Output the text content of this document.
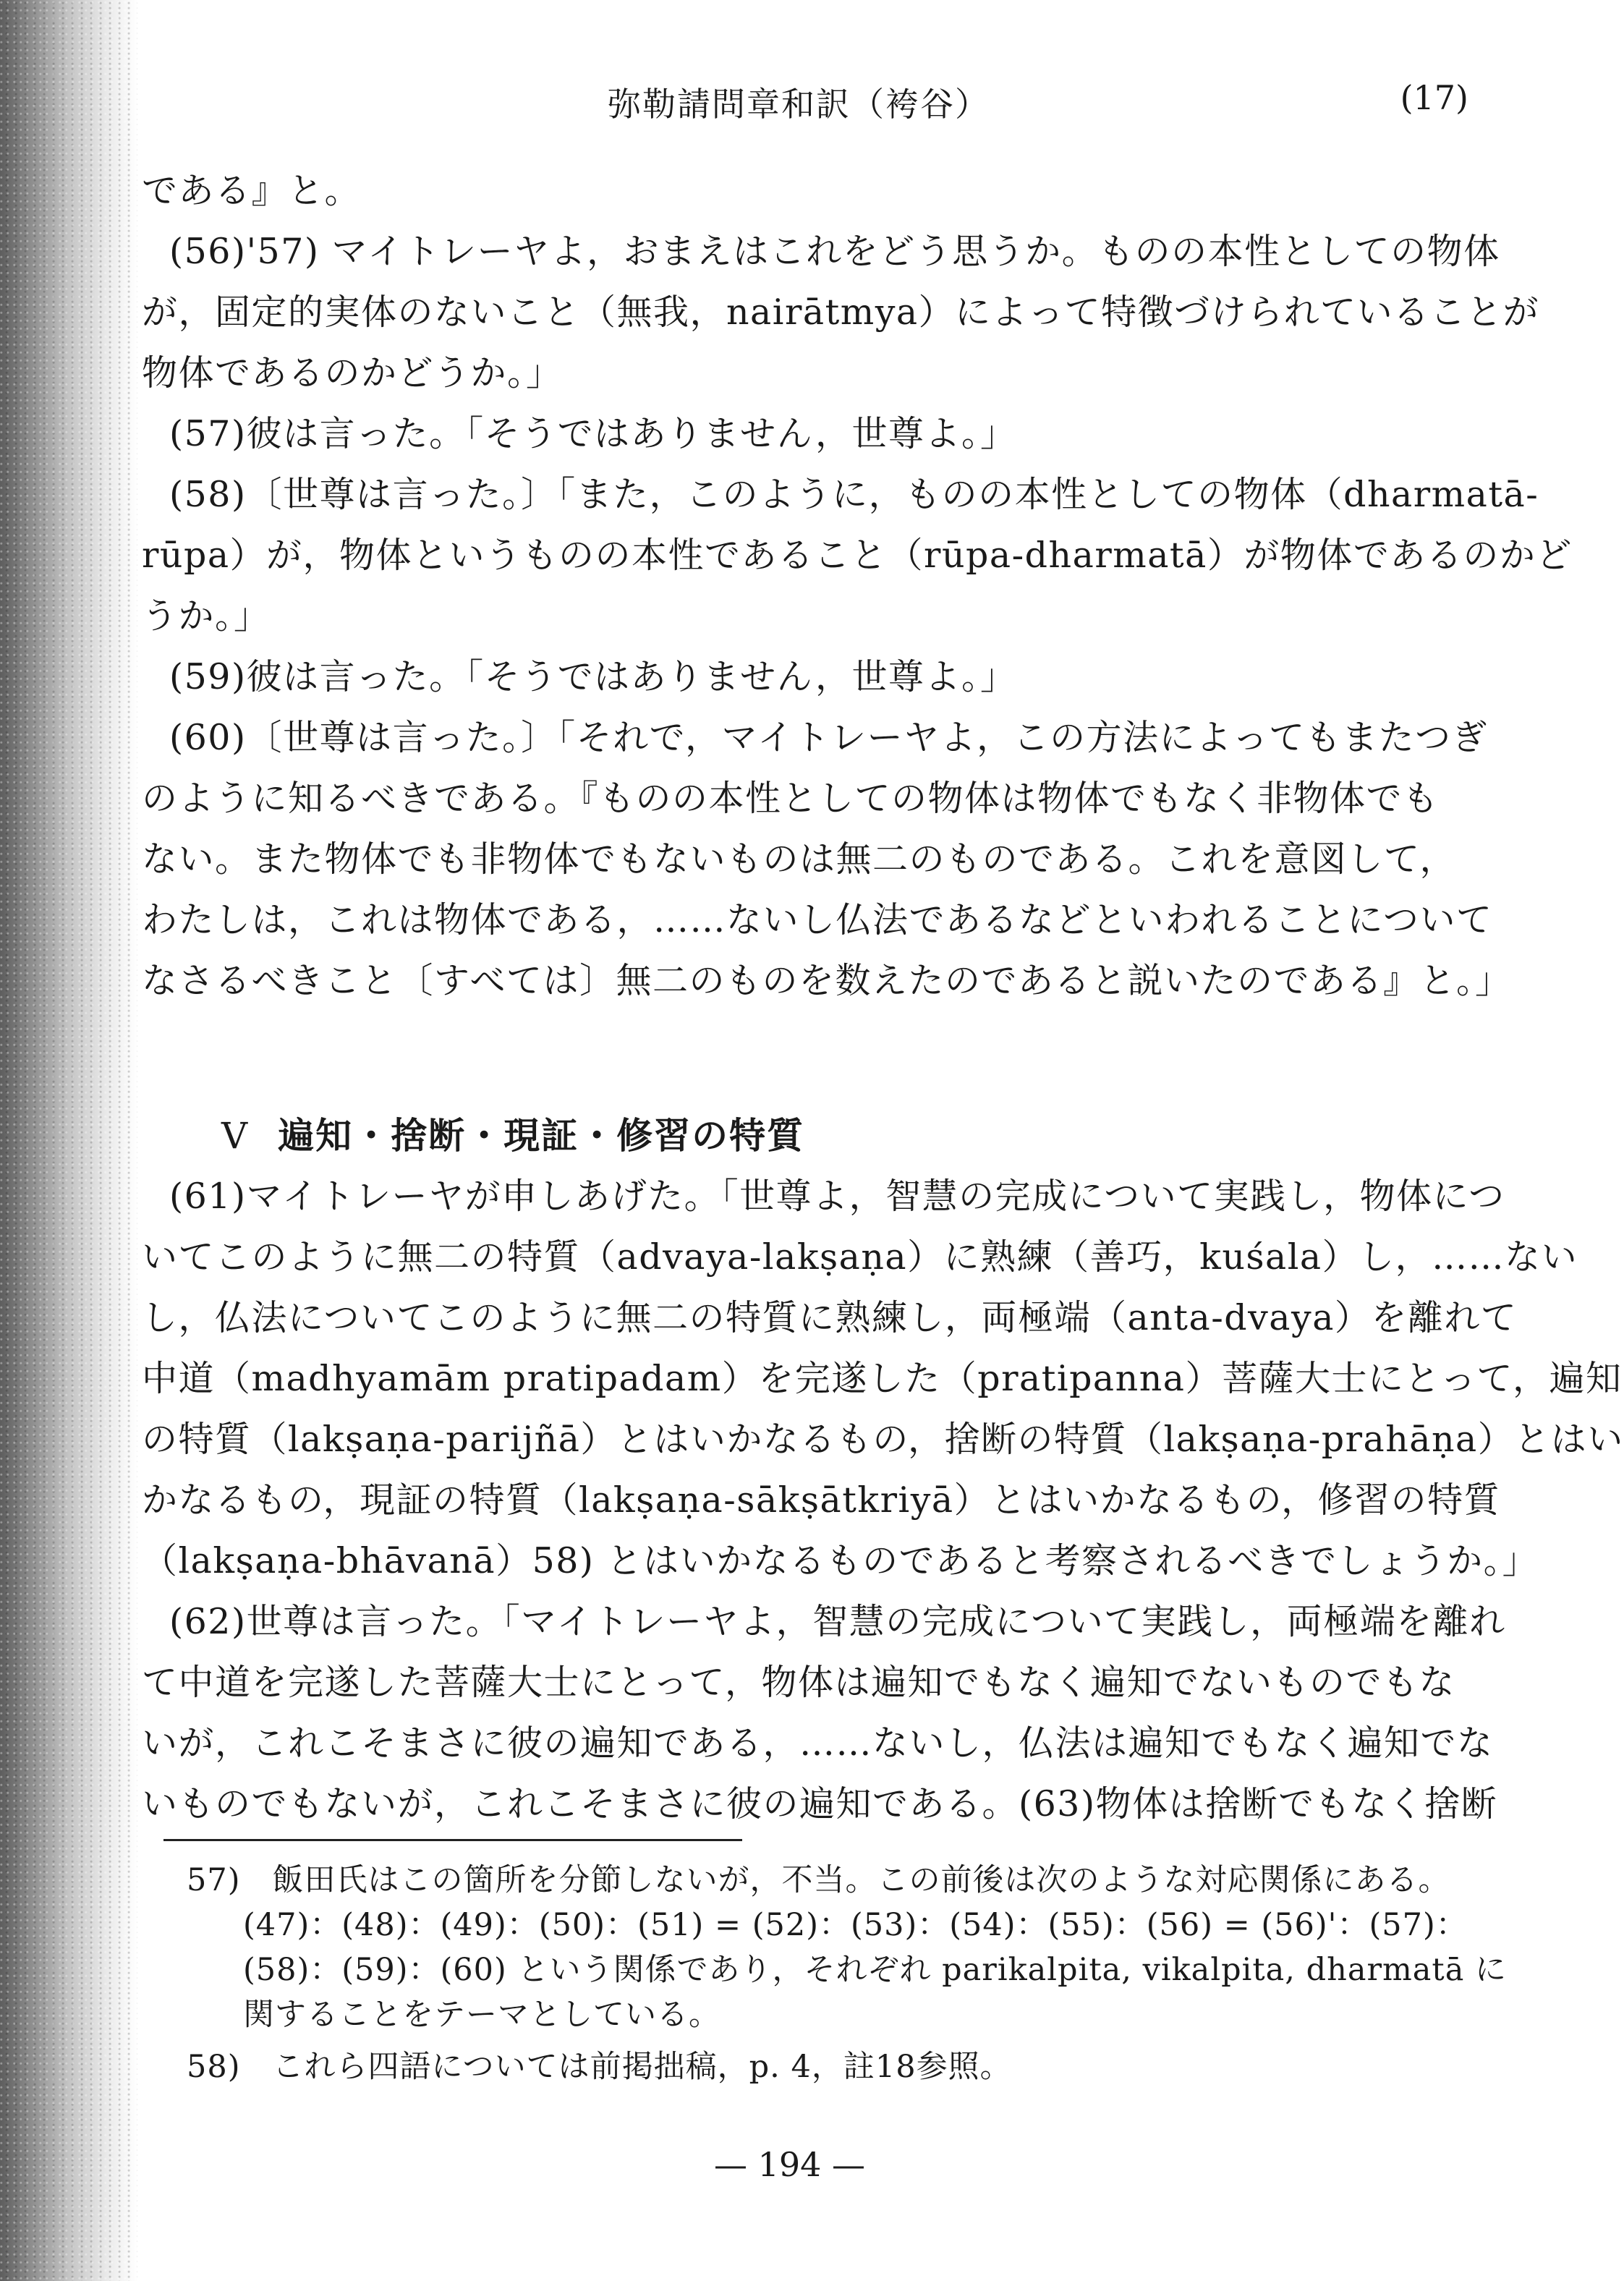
弥勒請問章和訳（袴谷）	(17)
である』と。
(56)'57) マイトレーヤよ，おまえはこれをどう思うか。ものの本性としての物体
が，固定的実体のないこと（無我，nairātmya）によって特徴づけられていることが
物体であるのかどうか。」
(57)彼は言った。「そうではありません，世尊よ。」
(58)〔世尊は言った。〕「また，このように，ものの本性としての物体（dharmatā-
rūpa）が，物体というものの本性であること（rūpa-dharmatā）が物体であるのかど
うか。」
(59)彼は言った。「そうではありません，世尊よ。」
(60)〔世尊は言った。〕「それで，マイトレーヤよ，この方法によってもまたつぎ
のように知るべきである。『ものの本性としての物体は物体でもなく非物体でも
ない。また物体でも非物体でもないものは無二のものである。これを意図して，
わたしは，これは物体である，……ないし仏法であるなどといわれることについて
なさるべきこと〔すべては〕無二のものを数えたのであると説いたのである』と。」
V 遍知・捨断・現証・修習の特質
(61)マイトレーヤが申しあげた。「世尊よ，智慧の完成について実践し，物体につ
いてこのように無二の特質（advaya-lakṣaṇa）に熟練（善巧，kuśala）し，……ない
し，仏法についてこのように無二の特質に熟練し，両極端（anta-dvaya）を離れて
中道（madhyamām pratipadam）を完遂した（pratipanna）菩薩大士にとって，遍知
の特質（lakṣaṇa-parijñā）とはいかなるもの，捨断の特質（lakṣaṇa-prahāṇa）とはい
かなるもの，現証の特質（lakṣaṇa-sākṣātkriyā）とはいかなるもの，修習の特質
（lakṣaṇa-bhāvanā）58) とはいかなるものであると考察されるべきでしょうか。」
(62)世尊は言った。「マイトレーヤよ，智慧の完成について実践し，両極端を離れ
て中道を完遂した菩薩大士にとって，物体は遍知でもなく遍知でないものでもな
いが，これこそまさに彼の遍知である，……ないし，仏法は遍知でもなく遍知でな
いものでもないが，これこそまさに彼の遍知である。(63)物体は捨断でもなく捨断
57)　飯田氏はこの箇所を分節しないが，不当。この前後は次のような対応関係にある。
(47)：(48)：(49)：(50)：(51) = (52)：(53)：(54)：(55)：(56) = (56)'：(57)：
(58)：(59)：(60) という関係であり，それぞれ parikalpita, vikalpita, dharmatā に
関することをテーマとしている。
58)　これら四語については前掲拙稿，p. 4，註18参照。
— 194 —
